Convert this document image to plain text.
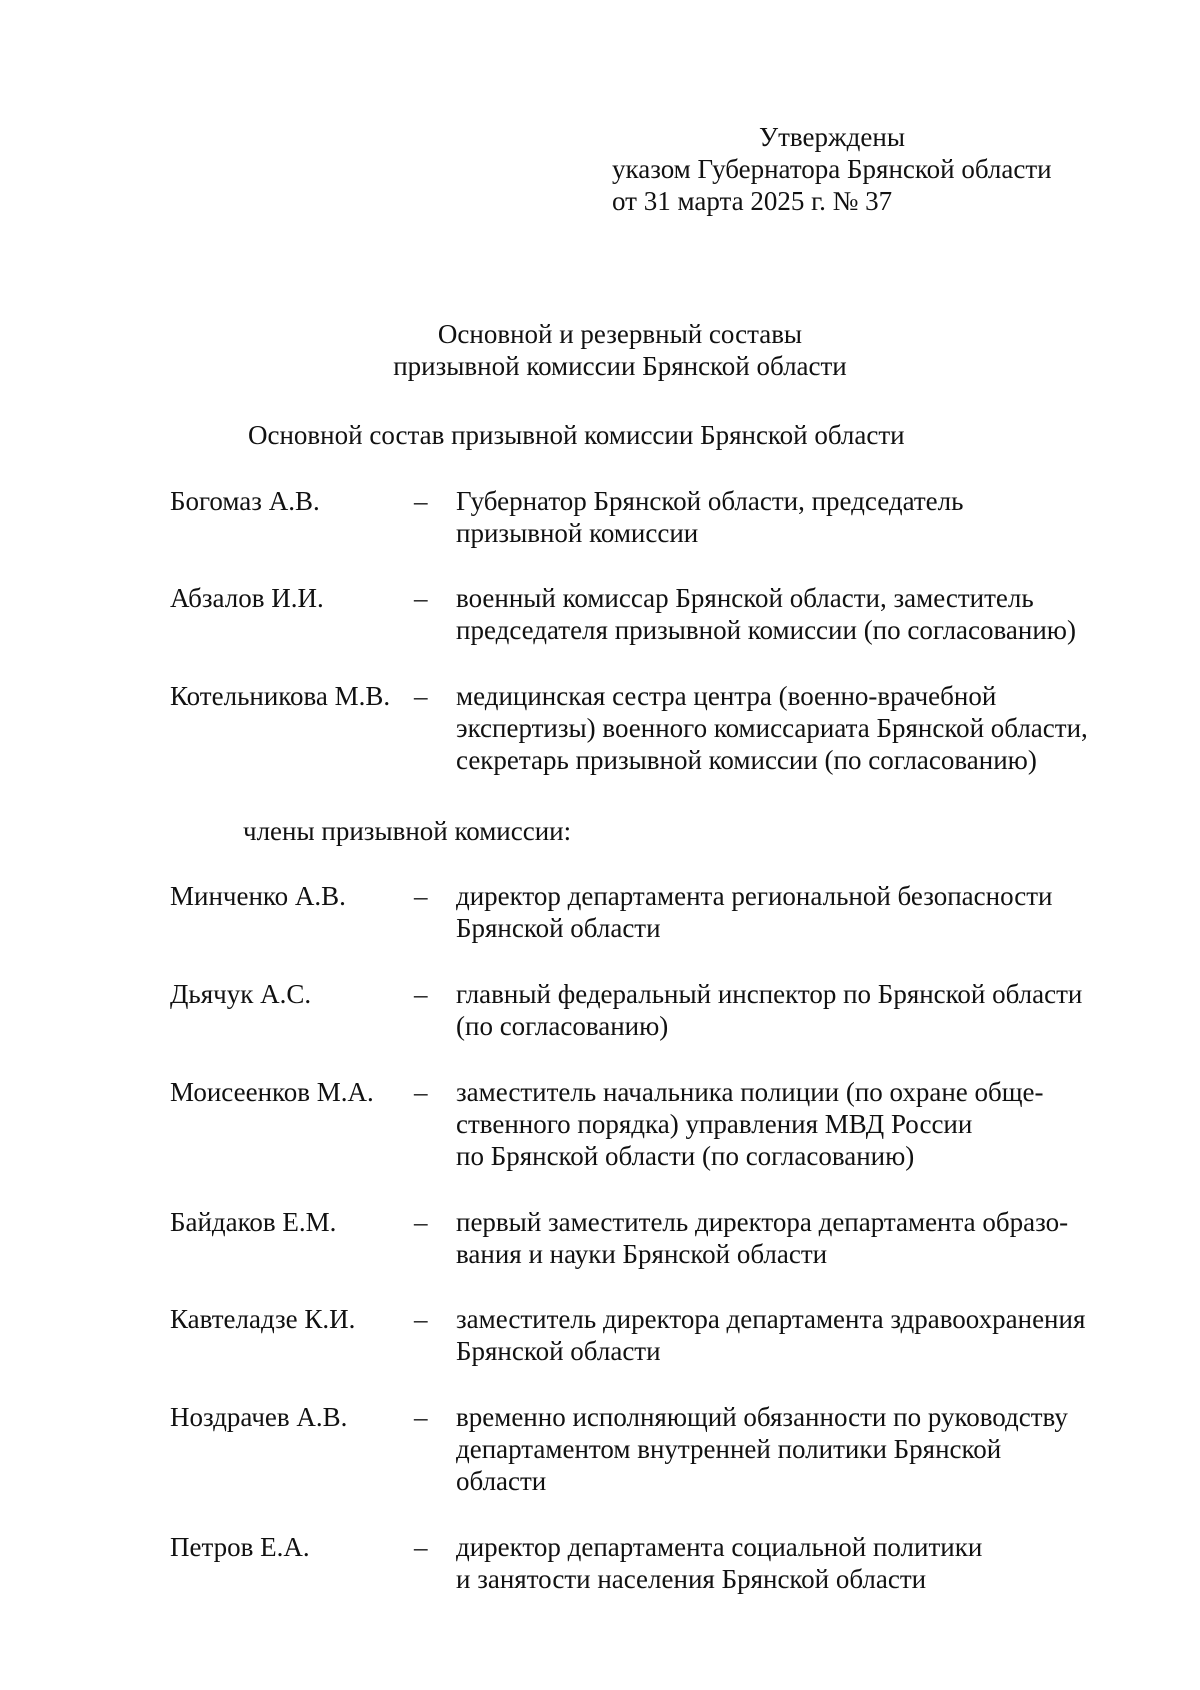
Утверждены
указом Губернатора Брянской области
от 31 марта 2025 г. № 37
Основной и резервный составы
призывной комиссии Брянской области
Основной состав призывной комиссии Брянской области
Богомаз А.В.	– Губернатор Брянской области, председатель
призывной комиссии
Абзалов И.И.	– военный комиссар Брянской области, заместитель
председателя призывной комиссии (по согласованию)
Котельникова М.В. – медицинская сестра центра (военно-врачебной
экспертизы) военного комиссариата Брянской области,
секретарь призывной комиссии (по согласованию)
члены призывной комиссии:
Минченко А.В.	– директор департамента региональной безопасности
Брянской области
Дьячук А.С.	– главный федеральный инспектор по Брянской области
(по согласованию)
Моисеенков М.А. – заместитель начальника полиции (по охране обще-
ственного порядка) управления МВД России
по Брянской области (по согласованию)
Байдаков Е.М.	– первый заместитель директора департамента образо-
вания и науки Брянской области
Кавтеладзе К.И. – заместитель директора департамента здравоохранения
Брянской области
Ноздрачев А.В. – временно исполняющий обязанности по руководству
департаментом внутренней политики Брянской
области
Петров Е.А.	– директор департамента социальной политики
и занятости населения Брянской области
